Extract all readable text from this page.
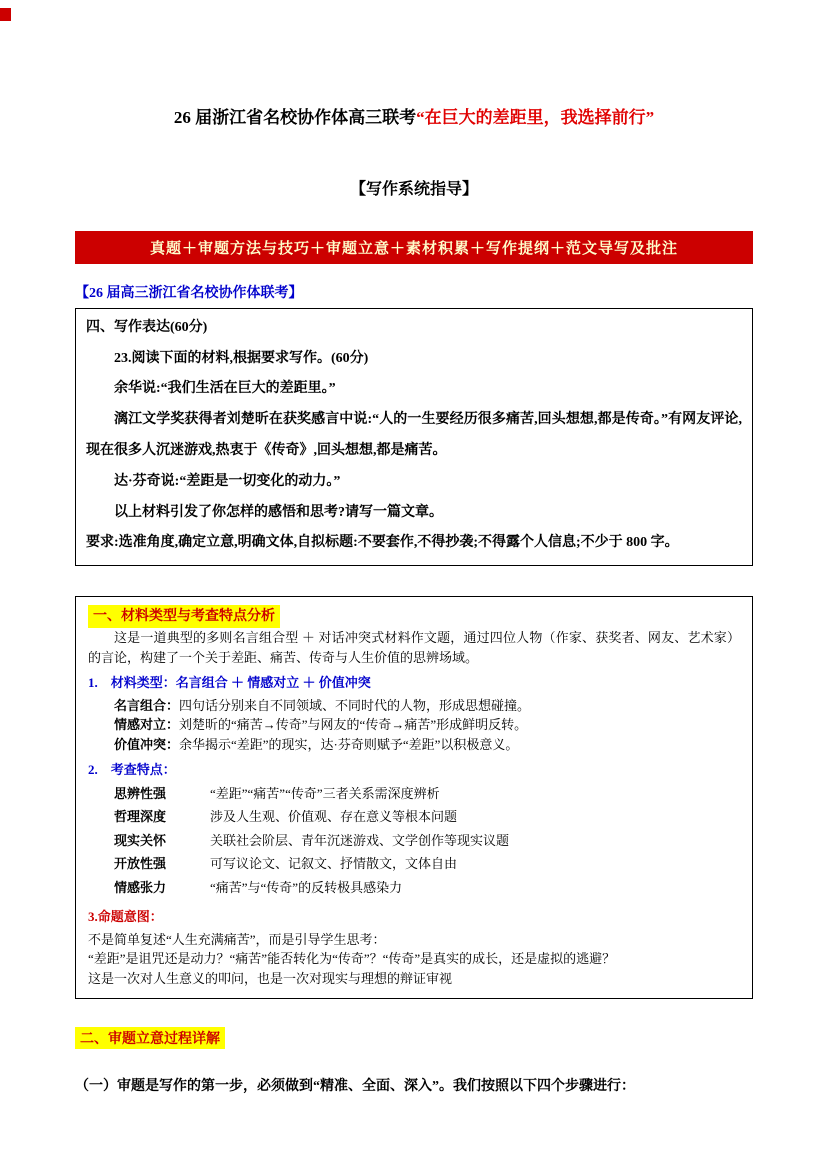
26 届浙江省名校协作体高三联考“在巨大的差距里，我选择前行”
【写作系统指导】
真题＋审题方法与技巧＋审题立意＋素材积累＋写作提纲＋范文导写及批注
【26 届高三浙江省名校协作体联考】

四、写作表达(60分)

23.阅读下面的材料,根据要求写作。(60分)

余华说:“我们生活在巨大的差距里。”

漓江文学奖获得者刘楚昕在获奖感言中说:“人的一生要经历很多痛苦,回头想想,都是传奇。”有网友评论,现在很多人沉迷游戏,热衷于《传奇》,回头想想,都是痛苦。

达·芬奇说:“差距是一切变化的动力。”

以上材料引发了你怎样的感悟和思考?请写一篇文章。

要求:选准角度,确定立意,明确文体,自拟标题:不要套作,不得抄袭;不得露个人信息;不少于 800 字。

一、材料类型与考查特点分析

这是一道典型的多则名言组合型 ＋ 对话冲突式材料作文题，通过四位人物（作家、获奖者、网友、艺术家）的言论，构建了一个关于差距、痛苦、传奇与人生价值的思辨场域。

1.　材料类型：名言组合 ＋ 情感对立 ＋ 价值冲突

名言组合：四句话分别来自不同领域、不同时代的人物，形成思想碰撞。

情感对立：刘楚昕的“痛苦→传奇”与网友的“传奇→痛苦”形成鲜明反转。

价值冲突：余华揭示“差距”的现实，达·芬奇则赋予“差距”以积极意义。

2.　考查特点：

思辨性强	“差距”“痛苦”“传奇”三者关系需深度辨析
哲理深度	涉及人生观、价值观、存在意义等根本问题
现实关怀	关联社会阶层、青年沉迷游戏、文学创作等现实议题
开放性强	可写议论文、记叙文、抒情散文，文体自由
情感张力	“痛苦”与“传奇”的反转极具感染力

3.命题意图：

不是简单复述“人生充满痛苦”，而是引导学生思考：

“差距”是诅咒还是动力？“痛苦”能否转化为“传奇”？“传奇”是真实的成长，还是虚拟的逃避？

这是一次对人生意义的叩问，也是一次对现实与理想的辩证审视

二、审题立意过程详解

（一）审题是写作的第一步，必须做到“精准、全面、深入”。我们按照以下四个步骤进行：
